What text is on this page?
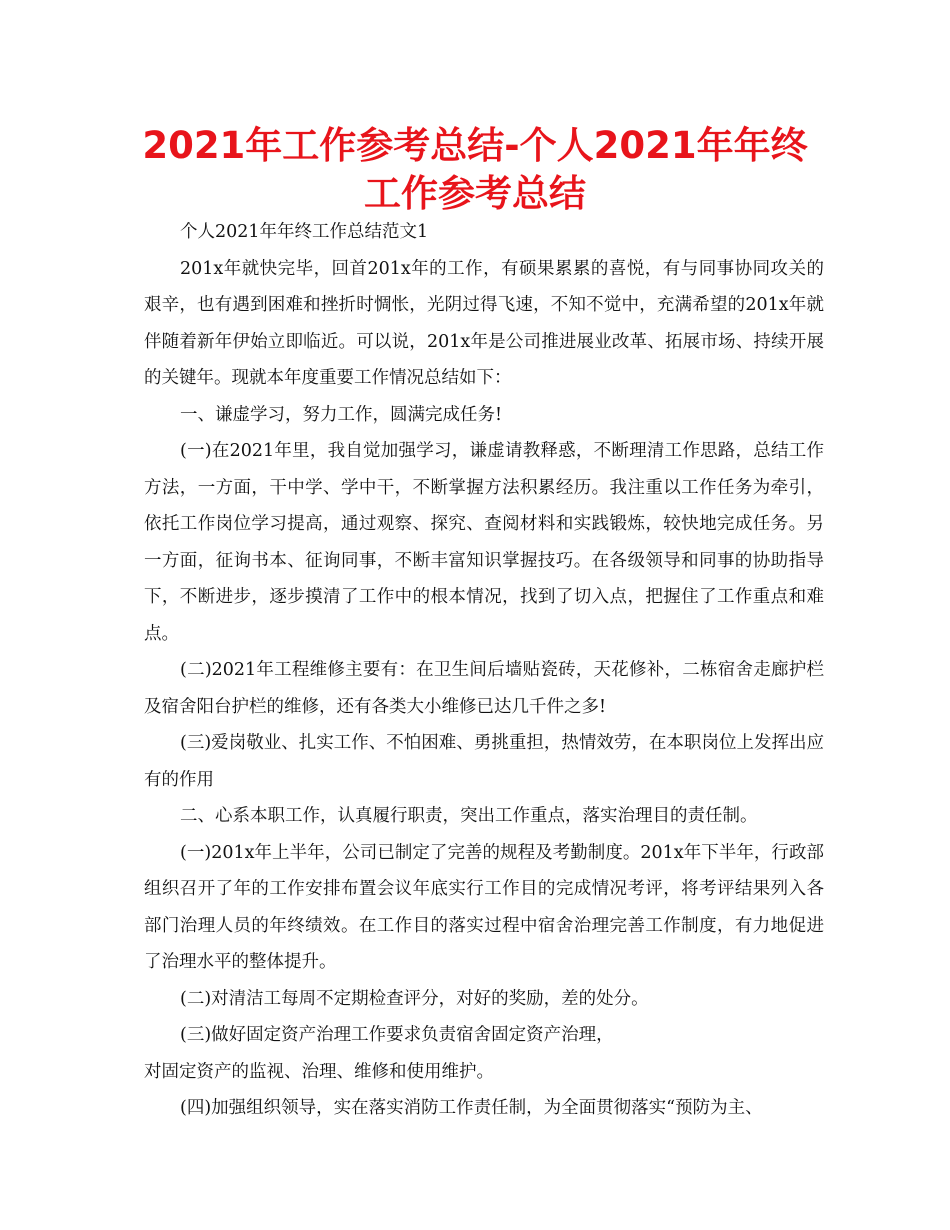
2021年工作参考总结-个人2021年年终工作参考总结

个人2021年年终工作总结范文1

201x年就快完毕，回首201x年的工作，有硕果累累的喜悦，有与同事协同攻关的艰辛，也有遇到困难和挫折时惆怅，光阴过得飞速，不知不觉中，充满希望的201x年就伴随着新年伊始立即临近。可以说，201x年是公司推进展业改革、拓展市场、持续开展的关键年。现就本年度重要工作情况总结如下：

一、谦虚学习，努力工作，圆满完成任务!

(一)在2021年里，我自觉加强学习，谦虚请教释惑，不断理清工作思路，总结工作方法，一方面，干中学、学中干，不断掌握方法积累经历。我注重以工作任务为牵引，依托工作岗位学习提高，通过观察、探究、查阅材料和实践锻炼，较快地完成任务。另一方面，征询书本、征询同事，不断丰富知识掌握技巧。在各级领导和同事的协助指导下，不断进步，逐步摸清了工作中的根本情况，找到了切入点，把握住了工作重点和难点。

(二)2021年工程维修主要有：在卫生间后墙贴瓷砖，天花修补，二栋宿舍走廊护栏及宿舍阳台护栏的维修，还有各类大小维修已达几千件之多!

(三)爱岗敬业、扎实工作、不怕困难、勇挑重担，热情效劳，在本职岗位上发挥出应有的作用

二、心系本职工作，认真履行职责，突出工作重点，落实治理目的责任制。

(一)201x年上半年，公司已制定了完善的规程及考勤制度。201x年下半年，行政部组织召开了年的工作安排布置会议年底实行工作目的完成情况考评，将考评结果列入各部门治理人员的年终绩效。在工作目的落实过程中宿舍治理完善工作制度，有力地促进了治理水平的整体提升。

(二)对清洁工每周不定期检查评分，对好的奖励，差的处分。

(三)做好固定资产治理工作要求负责宿舍固定资产治理，

对固定资产的监视、治理、维修和使用维护。

(四)加强组织领导，实在落实消防工作责任制，为全面贯彻落实“预防为主、
